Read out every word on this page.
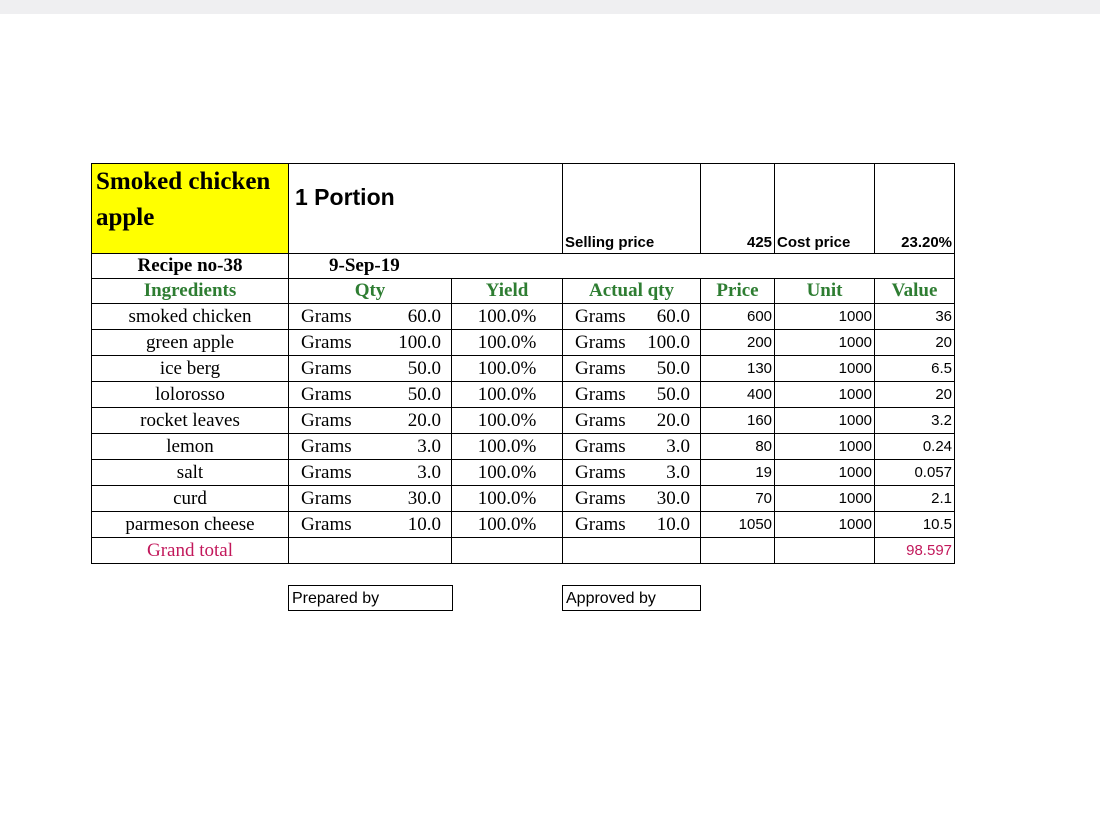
Smoked chicken apple	1 Portion		Selling price	425	Cost price	23.20%
Recipe no-38	9-Sep-19					
Ingredients	Qty	Yield	Actual qty	Price	Unit	Value
smoked chicken	Grams 60.0	100.0%	Grams 60.0	600	1000	36
green apple	Grams 100.0	100.0%	Grams 100.0	200	1000	20
ice berg	Grams 50.0	100.0%	Grams 50.0	130	1000	6.5
lolorosso	Grams 50.0	100.0%	Grams 50.0	400	1000	20
rocket leaves	Grams 20.0	100.0%	Grams 20.0	160	1000	3.2
lemon	Grams 3.0	100.0%	Grams 3.0	80	1000	0.24
salt	Grams 3.0	100.0%	Grams 3.0	19	1000	0.057
curd	Grams 30.0	100.0%	Grams 30.0	70	1000	2.1
parmeson cheese	Grams 10.0	100.0%	Grams 10.0	1050	1000	10.5
Grand total						98.597
Prepared by	Approved by
